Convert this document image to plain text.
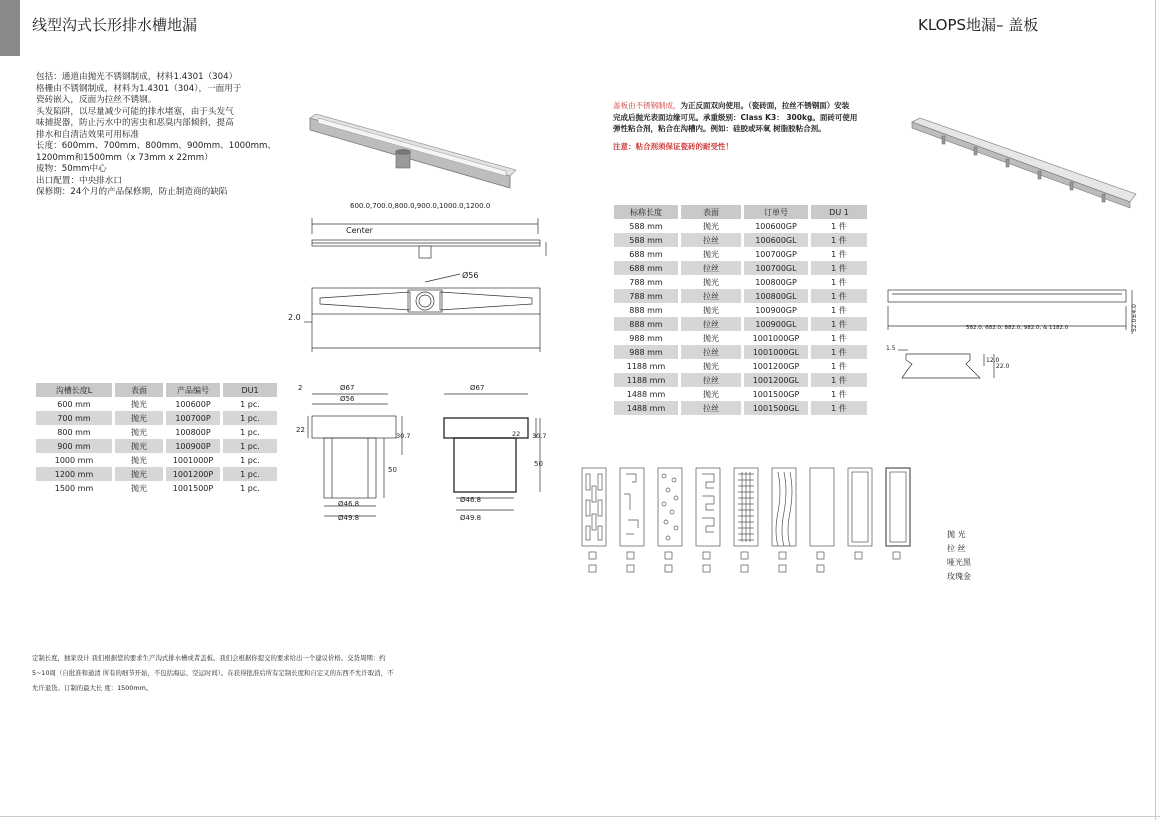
线型沟式长形排水槽地漏	KLOPS地漏– 盖板
包括：通道由抛光不锈钢制成，材料1.4301（304）
格栅由不锈钢制成，材料为1.4301（304），一面用于
瓷砖嵌入，反面为拉丝不锈钢。
头发陷阱，以尽量减少可能的排水堵塞，由于头发气
味捕捉器，防止污水中的害虫和恶臭内部倾斜，提高
排水和自清洁效果可用标准
长度：600mm、700mm、800mm、900mm、1000mm、
1200mm和1500mm（x 73mm x 22mm）
废物：50mm中心
出口配置：中央排水口
保修期：24个月的产品保修期，防止制造商的缺陷
600.0,700.0,800.0,900.0,1000.0,1200.0
Center
Ø56
2.0
2	Ø67
Ø56
22
30.7
50
Ø46.8
Ø49.8
Ø67
22 30.7
50
Ø46.8
Ø49.8
沟槽长度L		表面		产品编号		DU1
600 mm		抛光		100600P		1 pc.
700 mm		抛光		100700P		1 pc.
800 mm		抛光		100800P		1 pc.
900 mm		抛光		100900P		1 pc.
1000 mm		抛光		1001000P		1 pc.
1200 mm		抛光		1001200P		1 pc.
1500 mm		抛光		1001500P		1 pc.
定制长度，独家设计 我们根据您的要求生产沟式排水槽或者盖板。我们会根据你提交的要求给出一个建议价格。交货周期：约
5~10周（自批准和通清 所有的细节开始，不包括海运、空运时间）。在获得批准后所有定制长度和自定义的东西不允许取消，不
允许退货。订制的最大长 度：1500mm。
盖板由不锈钢制成，为正反面双向使用。（瓷砖面，拉丝不锈钢面）安装
完成后抛光表面边缘可见。承重级别：Class K3： 300kg。面砖可使用
弹性粘合剂，粘合在沟槽内。例如：硅胶或环氧 树脂胶粘合剂。
注意：粘合剂须保证瓷砖的耐受性！
标称长度		表面		订单号		DU 1
588 mm		抛光		100600GP		1 件
588 mm		拉丝		100600GL		1 件
688 mm		抛光		100700GP		1 件
688 mm		拉丝		100700GL		1 件
788 mm		抛光		100800GP		1 件
788 mm		拉丝		100800GL		1 件
888 mm		抛光		100900GP		1 件
888 mm		拉丝		100900GL		1 件
988 mm		抛光		1001000GP		1 件
988 mm		拉丝		1001000GL		1 件
1188 mm		抛光		1001200GP		1 件
1188 mm		拉丝		1001200GL		1 件
1488 mm		抛光		1001500GP		1 件
1488 mm		拉丝		1001500GL		1 件
582.0, 682.0, 882.0, 982.0, & 1182.0	52.0±4.0
1.5
12.0
22.0
抛 光
拉 丝
哑光黑
玫瑰金
